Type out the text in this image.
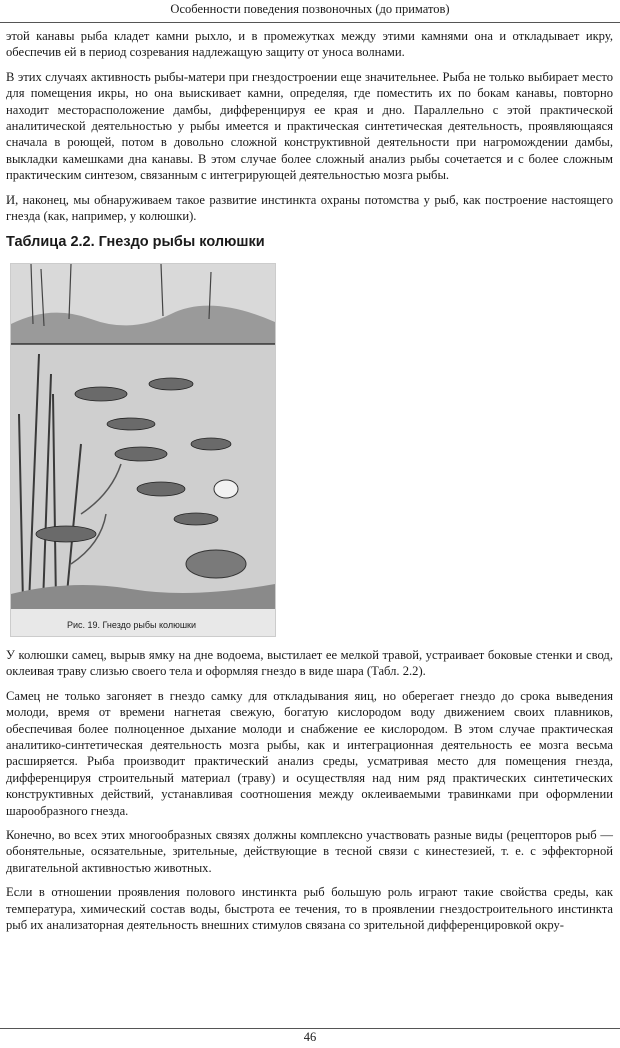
Особенности поведения позвоночных (до приматов)

этой канавы рыба кладет камни рыхло, и в промежутках между этими камнями она и откладывает икру, обеспечив ей в период созревания надлежащую защиту от уноса волнами.

В этих случаях активность рыбы-матери при гнездостроении еще значительнее. Рыба не только выбирает место для помещения икры, но она выискивает камни, определяя, где поместить их по бокам канавы, повторно находит месторасположение дамбы, дифференцируя ее края и дно. Параллельно с этой практической аналитической деятельностью у рыбы имеется и практическая синтетическая деятельность, проявляющаяся сначала в роющей, потом в довольно сложной конструктивной деятельности при нагромождении дамбы, выкладки камешками дна канавы. В этом случае более сложный анализ рыбы сочетается и с более сложным практическим синтезом, связанным с интегрирующей деятельностью мозга рыбы.

И, наконец, мы обнаруживаем такое развитие инстинкта охраны потомства у рыб, как построение настоящего гнезда (как, например, у колюшки).

Таблица 2.2. Гнездо рыбы колюшки
Рис. 19. Гнездо рыбы колюшки

У колюшки самец, вырыв ямку на дне водоема, выстилает ее мелкой травой, устраивает боковые стенки и свод, оклеивая траву слизью своего тела и оформляя гнездо в виде шара (Табл. 2.2).

Самец не только загоняет в гнездо самку для откладывания яиц, но оберегает гнездо до срока выведения молоди, время от времени нагнетая свежую, богатую кислородом воду движением своих плавников, обеспечивая более полноценное дыхание молоди и снабжение ее кислородом. В этом случае практическая аналитико-синтетическая деятельность мозга рыбы, как и интеграционная деятельность ее мозга весьма расширяется. Рыба производит практический анализ среды, усматривая место для помещения гнезда, дифференцируя строительный материал (траву) и осуществляя над ним ряд практических синтетических конструктивных действий, устанавливая соотношения между оклеиваемыми травинками при оформлении шарообразного гнезда.

Конечно, во всех этих многообразных связях должны комплексно участвовать разные виды (рецепторов рыб — обонятельные, осязательные, зрительные, действующие в тесной связи с кинестезией, т. е. с эффекторной двигательной активностью животных.

Если в отношении проявления полового инстинкта рыб большую роль играют такие свойства среды, как температура, химический состав воды, быстрота ее течения, то в проявлении гнездостроительного инстинкта рыб их анализаторная деятельность внешних стимулов связана со зрительной дифференцировкой окру-

46
